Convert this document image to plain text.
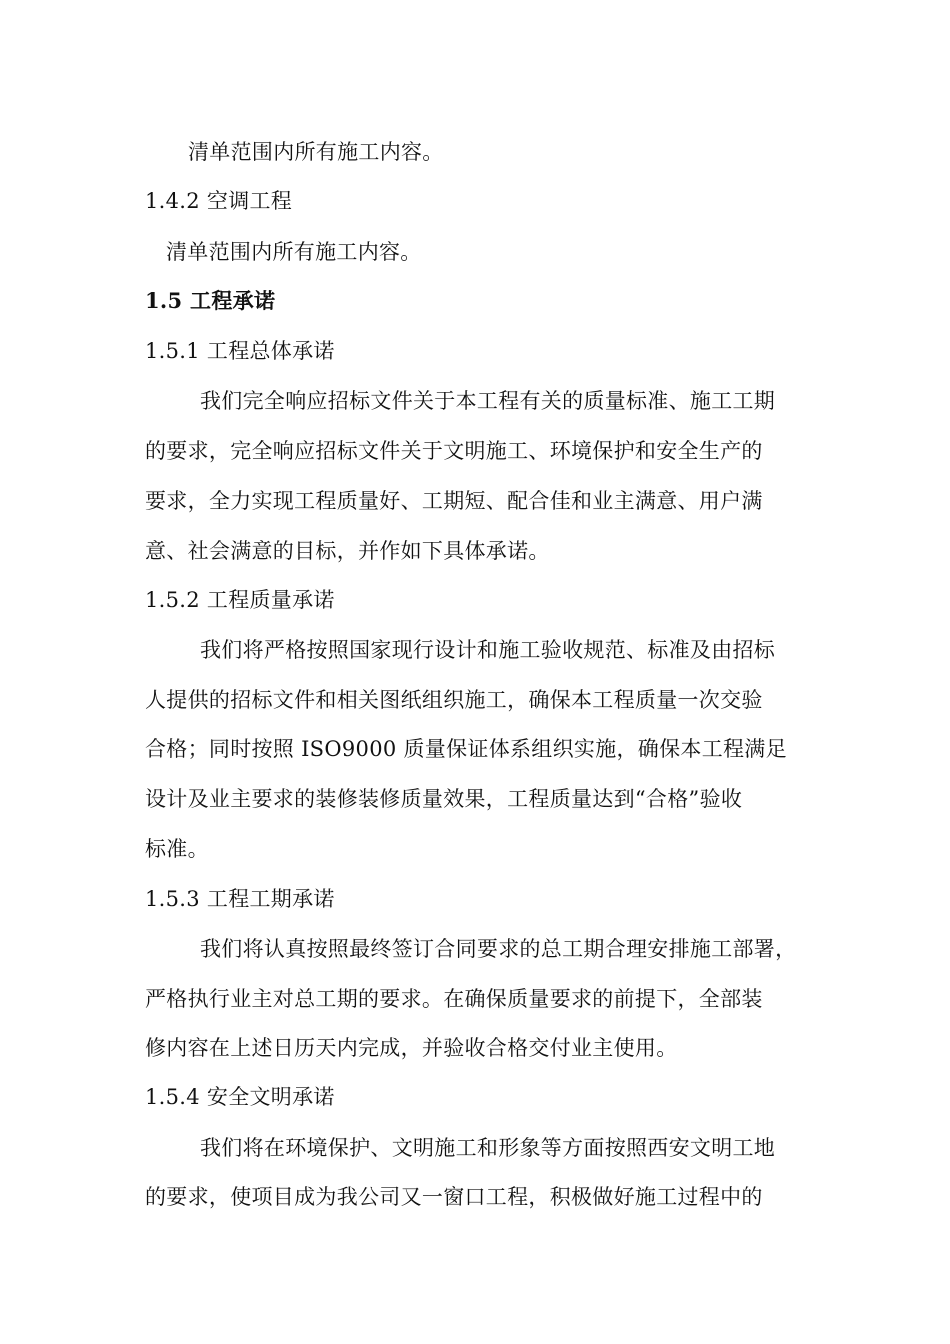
清单范围内所有施工内容。
1.4.2 空调工程
清单范围内所有施工内容。
1.5 工程承诺
1.5.1 工程总体承诺
我们完全响应招标文件关于本工程有关的质量标准、施工工期
的要求，完全响应招标文件关于文明施工、环境保护和安全生产的
要求，全力实现工程质量好、工期短、配合佳和业主满意、用户满
意、社会满意的目标，并作如下具体承诺。
1.5.2 工程质量承诺
我们将严格按照国家现行设计和施工验收规范、标准及由招标
人提供的招标文件和相关图纸组织施工，确保本工程质量一次交验
合格；同时按照 ISO9000 质量保证体系组织实施，确保本工程满足
设计及业主要求的装修装修质量效果，工程质量达到“合格”验收
标准。
1.5.3 工程工期承诺
我们将认真按照最终签订合同要求的总工期合理安排施工部署，
严格执行业主对总工期的要求。在确保质量要求的前提下，全部装
修内容在上述日历天内完成，并验收合格交付业主使用。
1.5.4 安全文明承诺
我们将在环境保护、文明施工和形象等方面按照西安文明工地
的要求，使项目成为我公司又一窗口工程，积极做好施工过程中的
